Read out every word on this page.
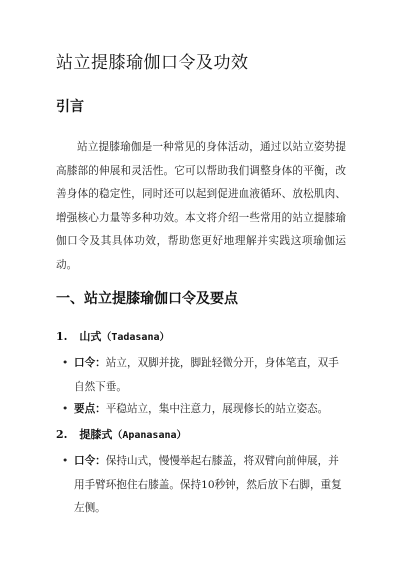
站立提膝瑜伽口令及功效
引言

站立提膝瑜伽是一种常见的身体活动，通过以站立姿势提高膝部的伸展和灵活性。它可以帮助我们调整身体的平衡，改善身体的稳定性，同时还可以起到促进血液循环、放松肌肉、增强核心力量等多种功效。本文将介绍一些常用的站立提膝瑜伽口令及其具体功效，帮助您更好地理解并实践这项瑜伽运动。

一、站立提膝瑜伽口令及要点
1. 山式（Tadasana）
• 口令：站立，双脚并拢，脚趾轻微分开，身体笔直，双手自然下垂。
• 要点：平稳站立，集中注意力，展现修长的站立姿态。
2. 提膝式（Apanasana）
• 口令：保持山式，慢慢举起右膝盖，将双臂向前伸展，并用手臂环抱住右膝盖。保持10秒钟，然后放下右脚，重复左侧。
